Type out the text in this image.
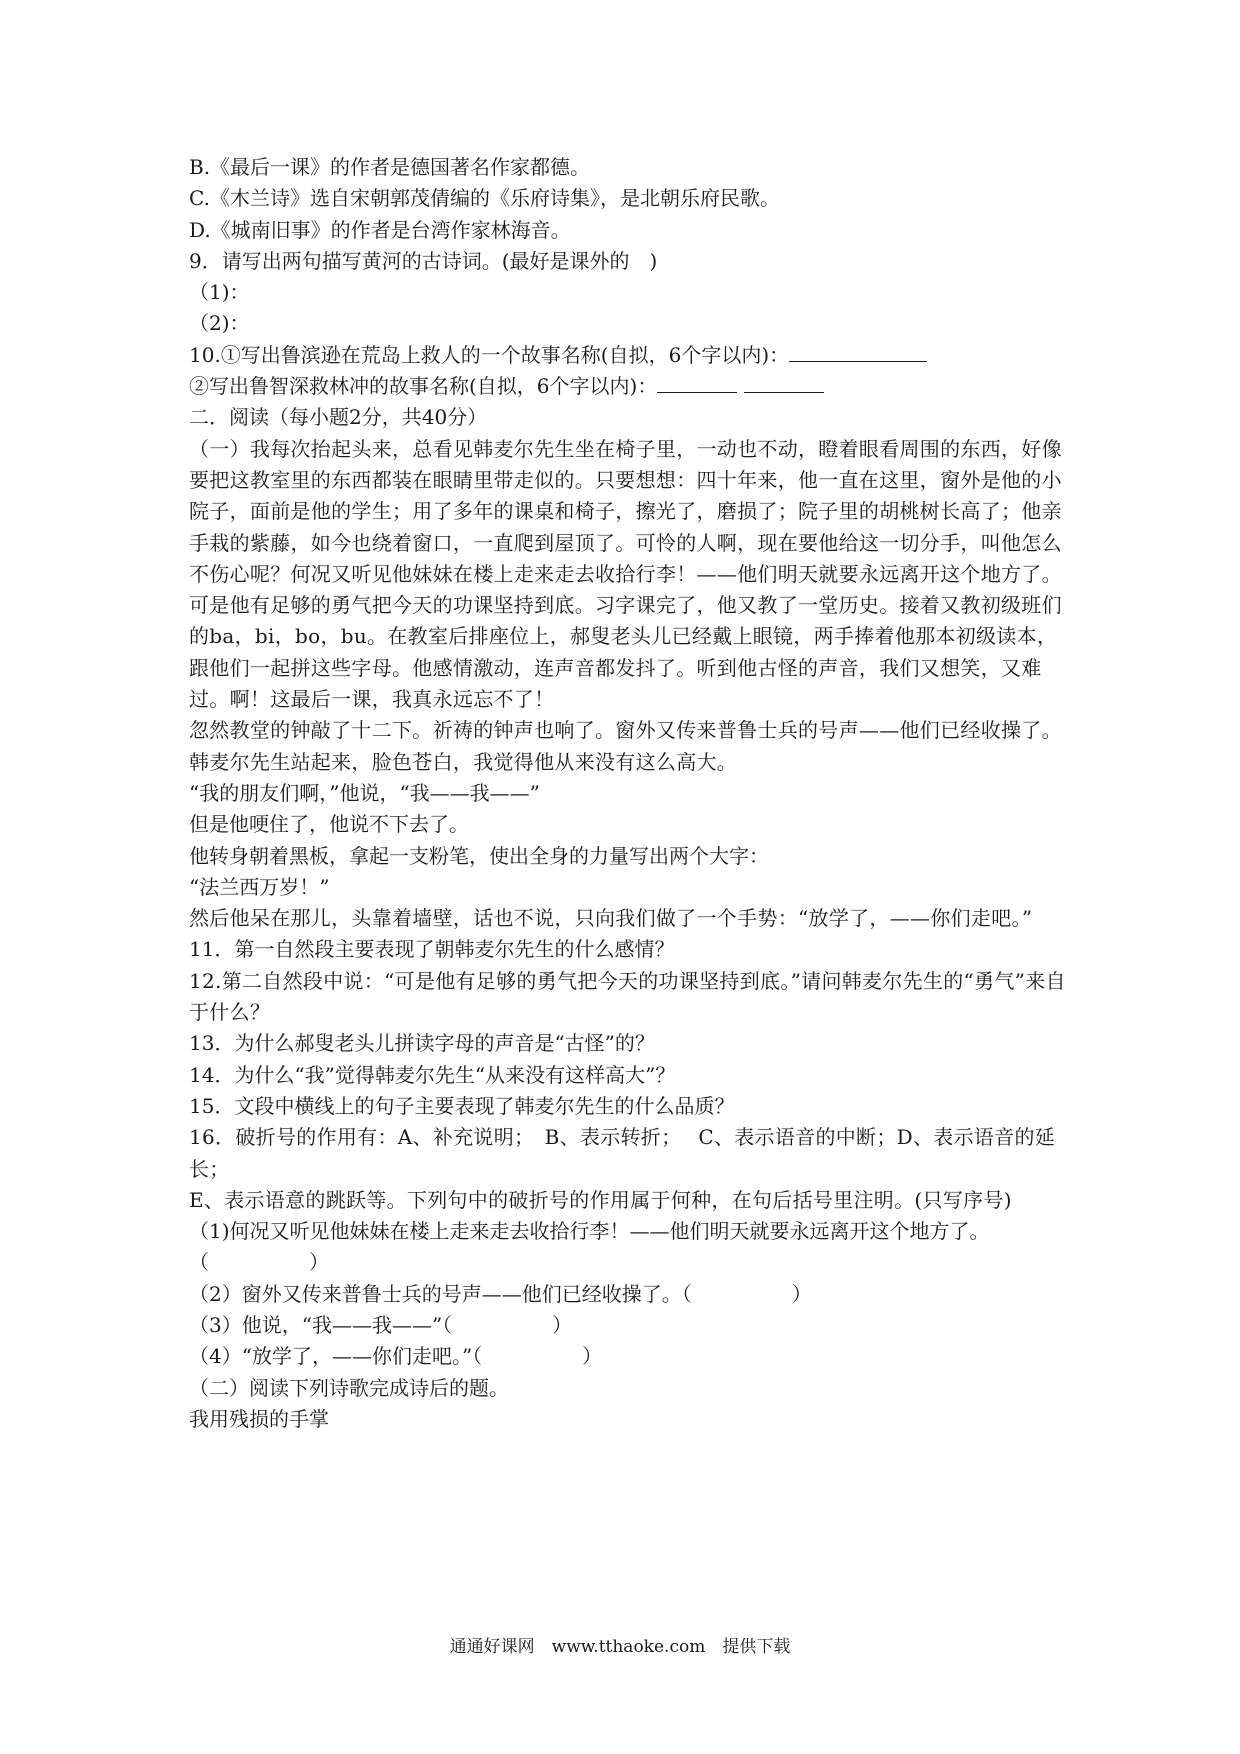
B.《最后一课》的作者是德国著名作家都德。

C.《木兰诗》选自宋朝郭茂倩编的《乐府诗集》，是北朝乐府民歌。

D.《城南旧事》的作者是台湾作家林海音。

9．请写出两句描写黄河的古诗词。(最好是课外的　)

（1)：

（2)：

10.①写出鲁滨逊在荒岛上救人的一个故事名称(自拟，6个字以内)：

②写出鲁智深救林冲的故事名称(自拟，6个字以内)：

二．阅读（每小题2分，共40分）

（一）我每次抬起头来，总看见韩麦尔先生坐在椅子里，一动也不动，瞪着眼看周围的东西，好像要把这教室里的东西都装在眼睛里带走似的。只要想想：四十年来，他一直在这里，窗外是他的小院子，面前是他的学生；用了多年的课桌和椅子，擦光了，磨损了；院子里的胡桃树长高了；他亲手栽的紫藤，如今也绕着窗口，一直爬到屋顶了。可怜的人啊，现在要他给这一切分手，叫他怎么不伤心呢？何况又听见他妹妹在楼上走来走去收拾行李！——他们明天就要永远离开这个地方了。

可是他有足够的勇气把今天的功课坚持到底。习字课完了，他又教了一堂历史。接着又教初级班们的ba，bi，bo，bu。在教室后排座位上，郝叟老头儿已经戴上眼镜，两手捧着他那本初级读本，跟他们一起拼这些字母。他感情激动，连声音都发抖了。听到他古怪的声音，我们又想笑，又难过。啊！这最后一课，我真永远忘不了！

忽然教堂的钟敲了十二下。祈祷的钟声也响了。窗外又传来普鲁士兵的号声——他们已经收操了。韩麦尔先生站起来，脸色苍白，我觉得他从来没有这么高大。

“我的朋友们啊，”他说，“我——我——”

但是他哽住了，他说不下去了。

他转身朝着黑板，拿起一支粉笔，使出全身的力量写出两个大字：

“法兰西万岁！”

然后他呆在那儿，头靠着墙壁，话也不说，只向我们做了一个手势：“放学了，——你们走吧。”

11．第一自然段主要表现了朝韩麦尔先生的什么感情？

12.第二自然段中说：“可是他有足够的勇气把今天的功课坚持到底。”请问韩麦尔先生的“勇气”来自于什么？

13．为什么郝叟老头儿拼读字母的声音是“古怪”的？

14．为什么“我”觉得韩麦尔先生“从来没有这样高大”？

15．文段中横线上的句子主要表现了韩麦尔先生的什么品质？

16．破折号的作用有：A、补充说明；　B、表示转折；　 C、表示语音的中断；D、表示语音的延长；

E、表示语意的跳跃等。下列句中的破折号的作用属于何种，在句后括号里注明。(只写序号)

（1)何况又听见他妹妹在楼上走来走去收拾行李！——他们明天就要永远离开这个地方了。

（　　　　　）

（2）窗外又传来普鲁士兵的号声——他们已经收操了。（　　　　　）

（3）他说，“我——我——”（　　　　　）

（4）“放学了，——你们走吧。”（　　　　　）

（二）阅读下列诗歌完成诗后的题。

我用残损的手掌

通通好课网　www.tthaoke.com　提供下载
